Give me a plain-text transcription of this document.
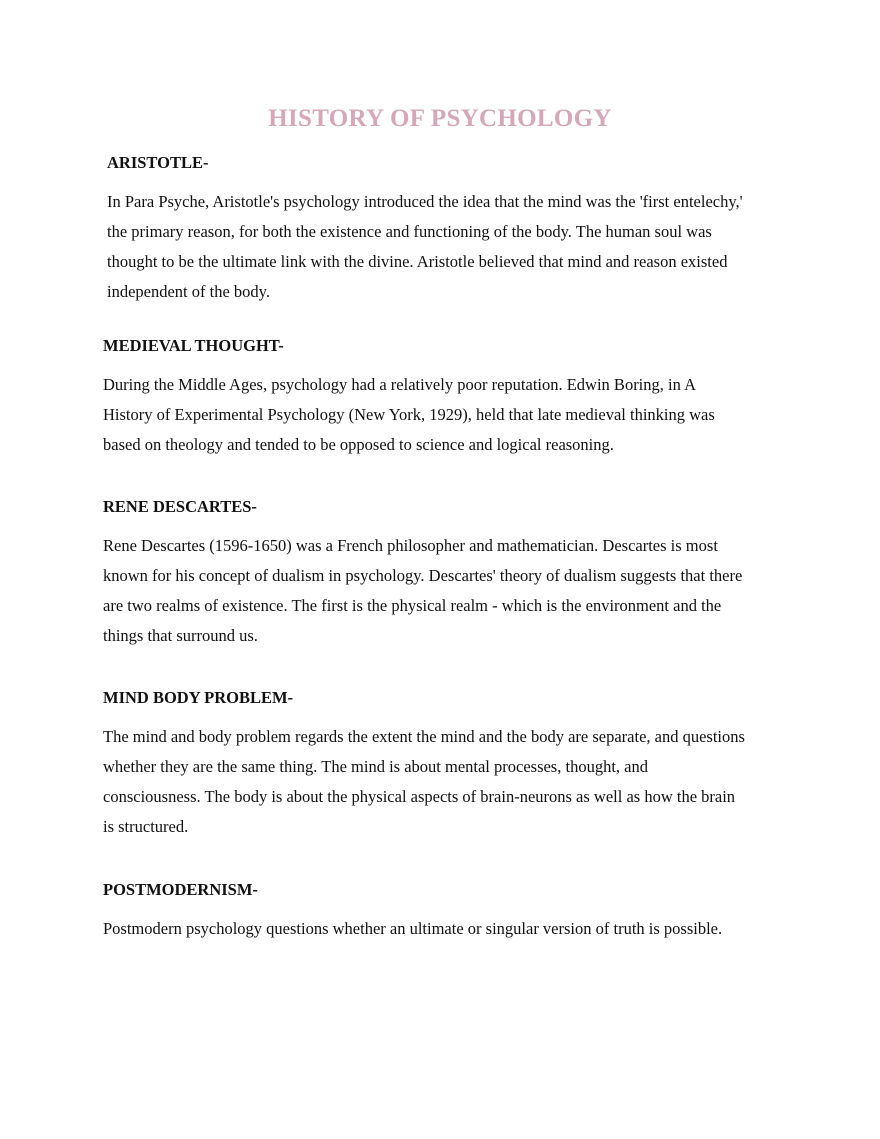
HISTORY OF PSYCHOLOGY
ARISTOTLE-
In Para Psyche, Aristotle's psychology introduced the idea that the mind was the 'first entelechy,'
the primary reason, for both the existence and functioning of the body. The human soul was
thought to be the ultimate link with the divine. Aristotle believed that mind and reason existed
independent of the body.
MEDIEVAL THOUGHT-
During the Middle Ages, psychology had a relatively poor reputation. Edwin Boring, in A
History of Experimental Psychology (New York, 1929), held that late medieval thinking was
based on theology and tended to be opposed to science and logical reasoning.
RENE DESCARTES-
Rene Descartes (1596-1650) was a French philosopher and mathematician. Descartes is most
known for his concept of dualism in psychology. Descartes' theory of dualism suggests that there
are two realms of existence. The first is the physical realm - which is the environment and the
things that surround us.
MIND BODY PROBLEM-
The mind and body problem regards the extent the mind and the body are separate, and questions
whether they are the same thing. The mind is about mental processes, thought, and
consciousness. The body is about the physical aspects of brain-neurons as well as how the brain
is structured.
POSTMODERNISM-
Postmodern psychology questions whether an ultimate or singular version of truth is possible.
